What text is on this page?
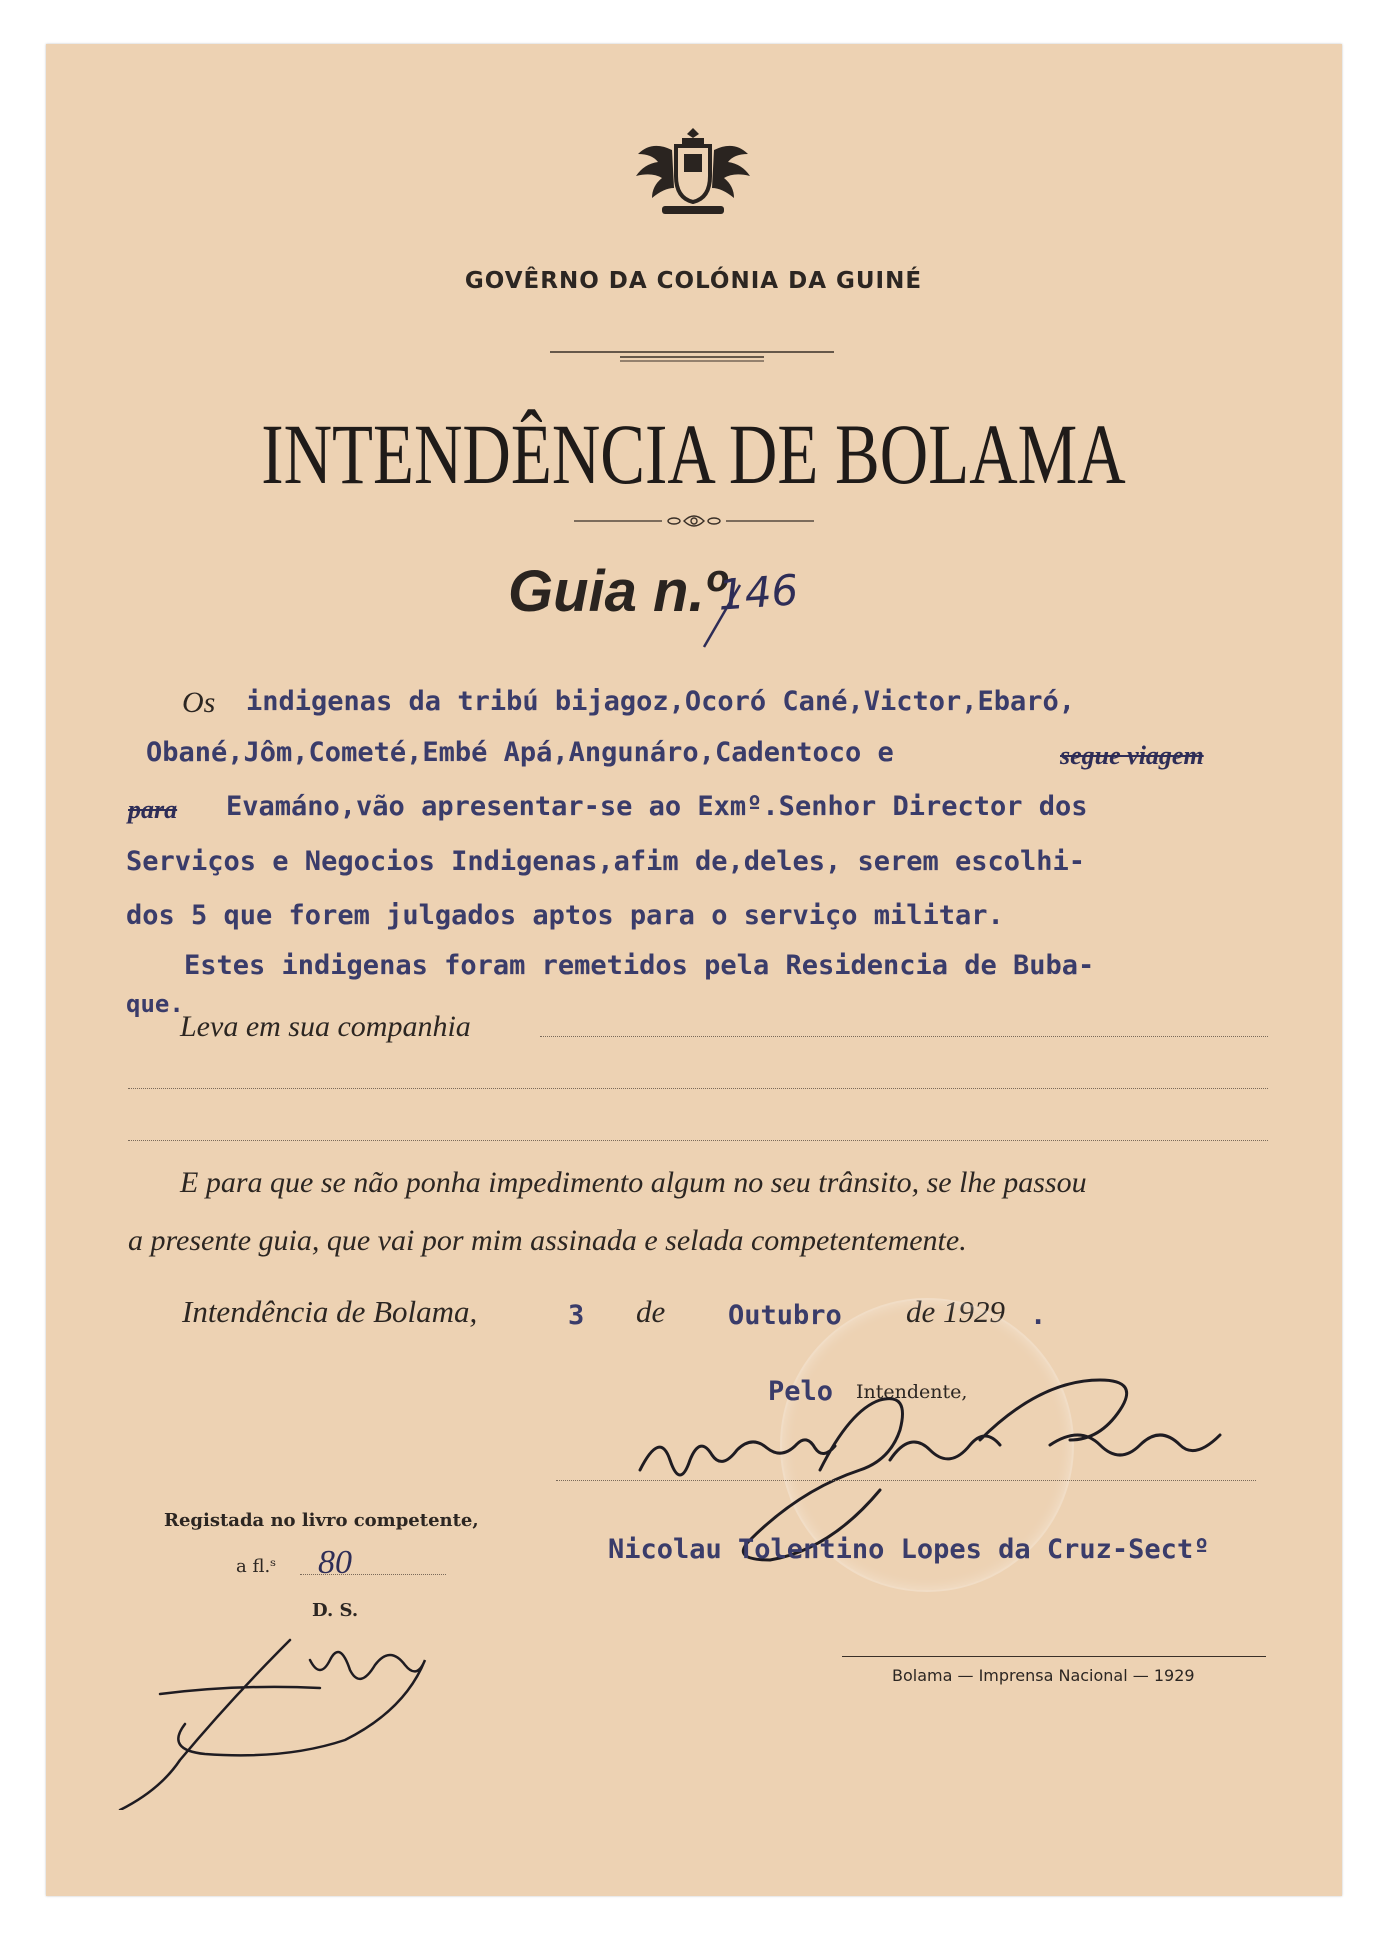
GOVÊRNO DA COLÓNIA DA GUINÉ
INTENDÊNCIA DE BOLAMA
Guia n.º
146
Os indigenas da tribú bijagoz,Ocoró Cané,Victor,Ebaró,
Obané,Jôm,Cometé,Embé Apá,Angunáro,Cadentoco e	segue viagem
para Evamáno,vão apresentar-se ao Exmº.Senhor Director dos
Serviços e Negocios Indigenas,afim de,deles, serem escolhi-
dos 5 que forem julgados aptos para o serviço militar.
Estes indigenas foram remetidos pela Residencia de Buba-
que.
Leva em sua companhia
E para que se não ponha impedimento algum no seu trânsito, se lhe passou
a presente guia, que vai por mim assinada e selada competentemente.
Intendência de Bolama,	3 de Outubro de 1929 .
Pelo Intendente,
Nicolau Tolentino Lopes da Cruz-Sectº
Registada no livro competente,
a fl.ˢ 80
D. S.
Bolama — Imprensa Nacional — 1929
